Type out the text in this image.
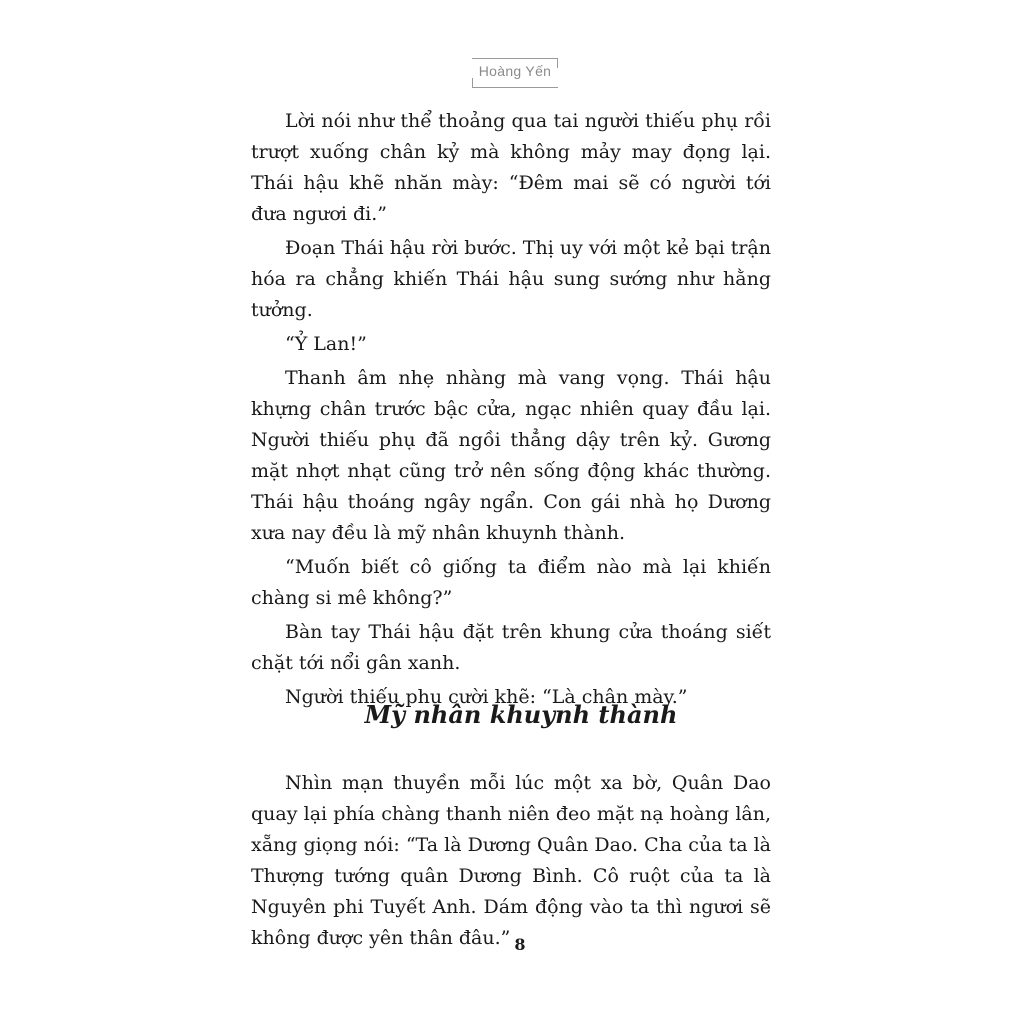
Hoàng Yến

Lời nói như thể thoảng qua tai người thiếu phụ rồi trượt xuống chân kỷ mà không mảy may đọng lại. Thái hậu khẽ nhăn mày: “Đêm mai sẽ có người tới đưa ngươi đi.”

Đoạn Thái hậu rời bước. Thị uy với một kẻ bại trận hóa ra chẳng khiến Thái hậu sung sướng như hằng tưởng.

“Ỷ Lan!”

Thanh âm nhẹ nhàng mà vang vọng. Thái hậu khựng chân trước bậc cửa, ngạc nhiên quay đầu lại. Người thiếu phụ đã ngồi thẳng dậy trên kỷ. Gương mặt nhợt nhạt cũng trở nên sống động khác thường. Thái hậu thoáng ngây ngẩn. Con gái nhà họ Dương xưa nay đều là mỹ nhân khuynh thành.

“Muốn biết cô giống ta điểm nào mà lại khiến chàng si mê không?”

Bàn tay Thái hậu đặt trên khung cửa thoáng siết chặt tới nổi gân xanh.

Người thiếu phụ cười khẽ: “Là chân mày.”

Mỹ nhân khuynh thành

Nhìn mạn thuyền mỗi lúc một xa bờ, Quân Dao quay lại phía chàng thanh niên đeo mặt nạ hoàng lân, xẵng giọng nói: “Ta là Dương Quân Dao. Cha của ta là Thượng tướng quân Dương Bình. Cô ruột của ta là Nguyên phi Tuyết Anh. Dám động vào ta thì ngươi sẽ không được yên thân đâu.” 8
